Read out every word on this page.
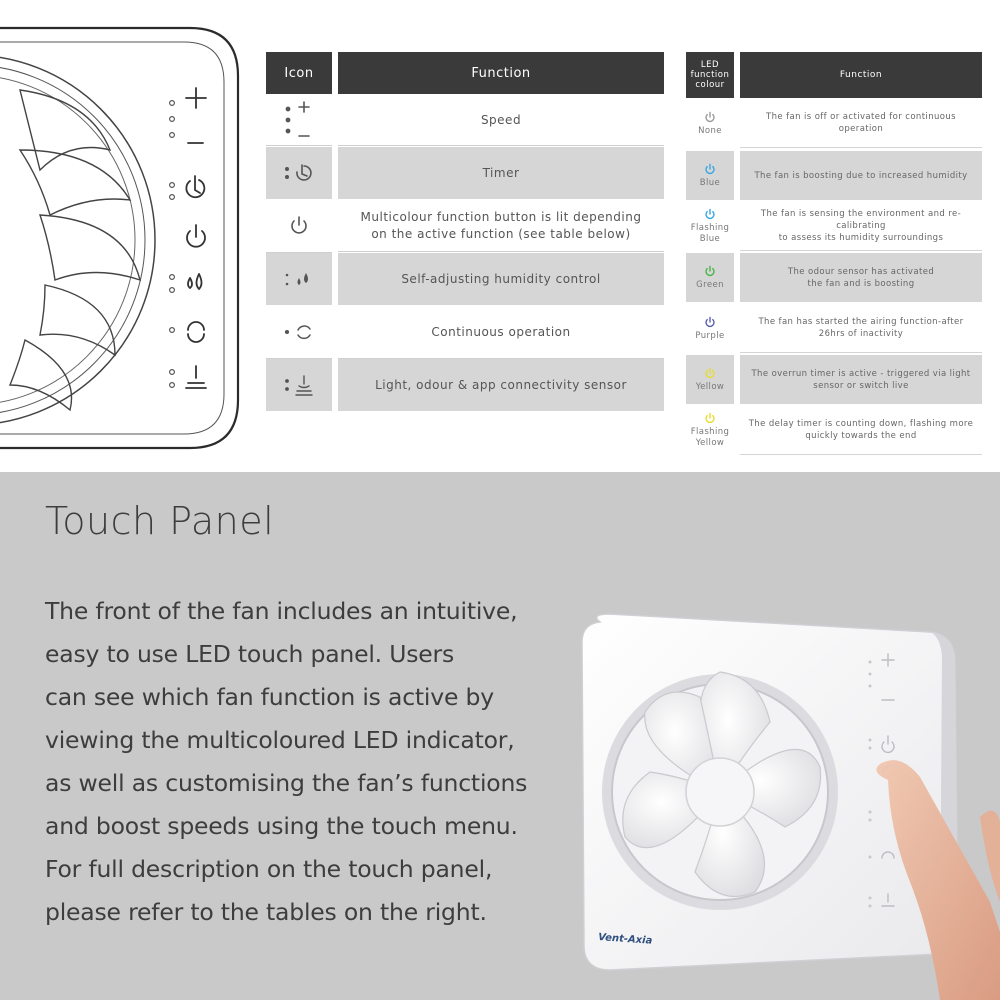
Icon	Function
Speed
Timer
Multicolour function button is lit depending on the active function (see table below)
Self-adjusting humidity control
Continuous operation
Light, odour & app connectivity sensor
LED
function
colour
Function
None
The fan is off or activated for continuous operation
Blue
The fan is boosting due to increased humidity
Flashing
Blue
The fan is sensing the environment and re-calibrating
to assess its humidity surroundings
Green
The odour sensor has activated
the fan and is boosting
Purple
The fan has started the airing function-after
26hrs of inactivity
Yellow
The overrun timer is active - triggered via light
sensor or switch live
Flashing
Yellow
The delay timer is counting down, flashing more
quickly towards the end
Touch Panel

The front of the fan includes an intuitive,
easy to use LED touch panel. Users
can see which fan function is active by
viewing the multicoloured LED indicator,
as well as customising the fan’s functions
and boost speeds using the touch menu.
For full description on the touch panel,
please refer to the tables on the right.

Vent-Axia
